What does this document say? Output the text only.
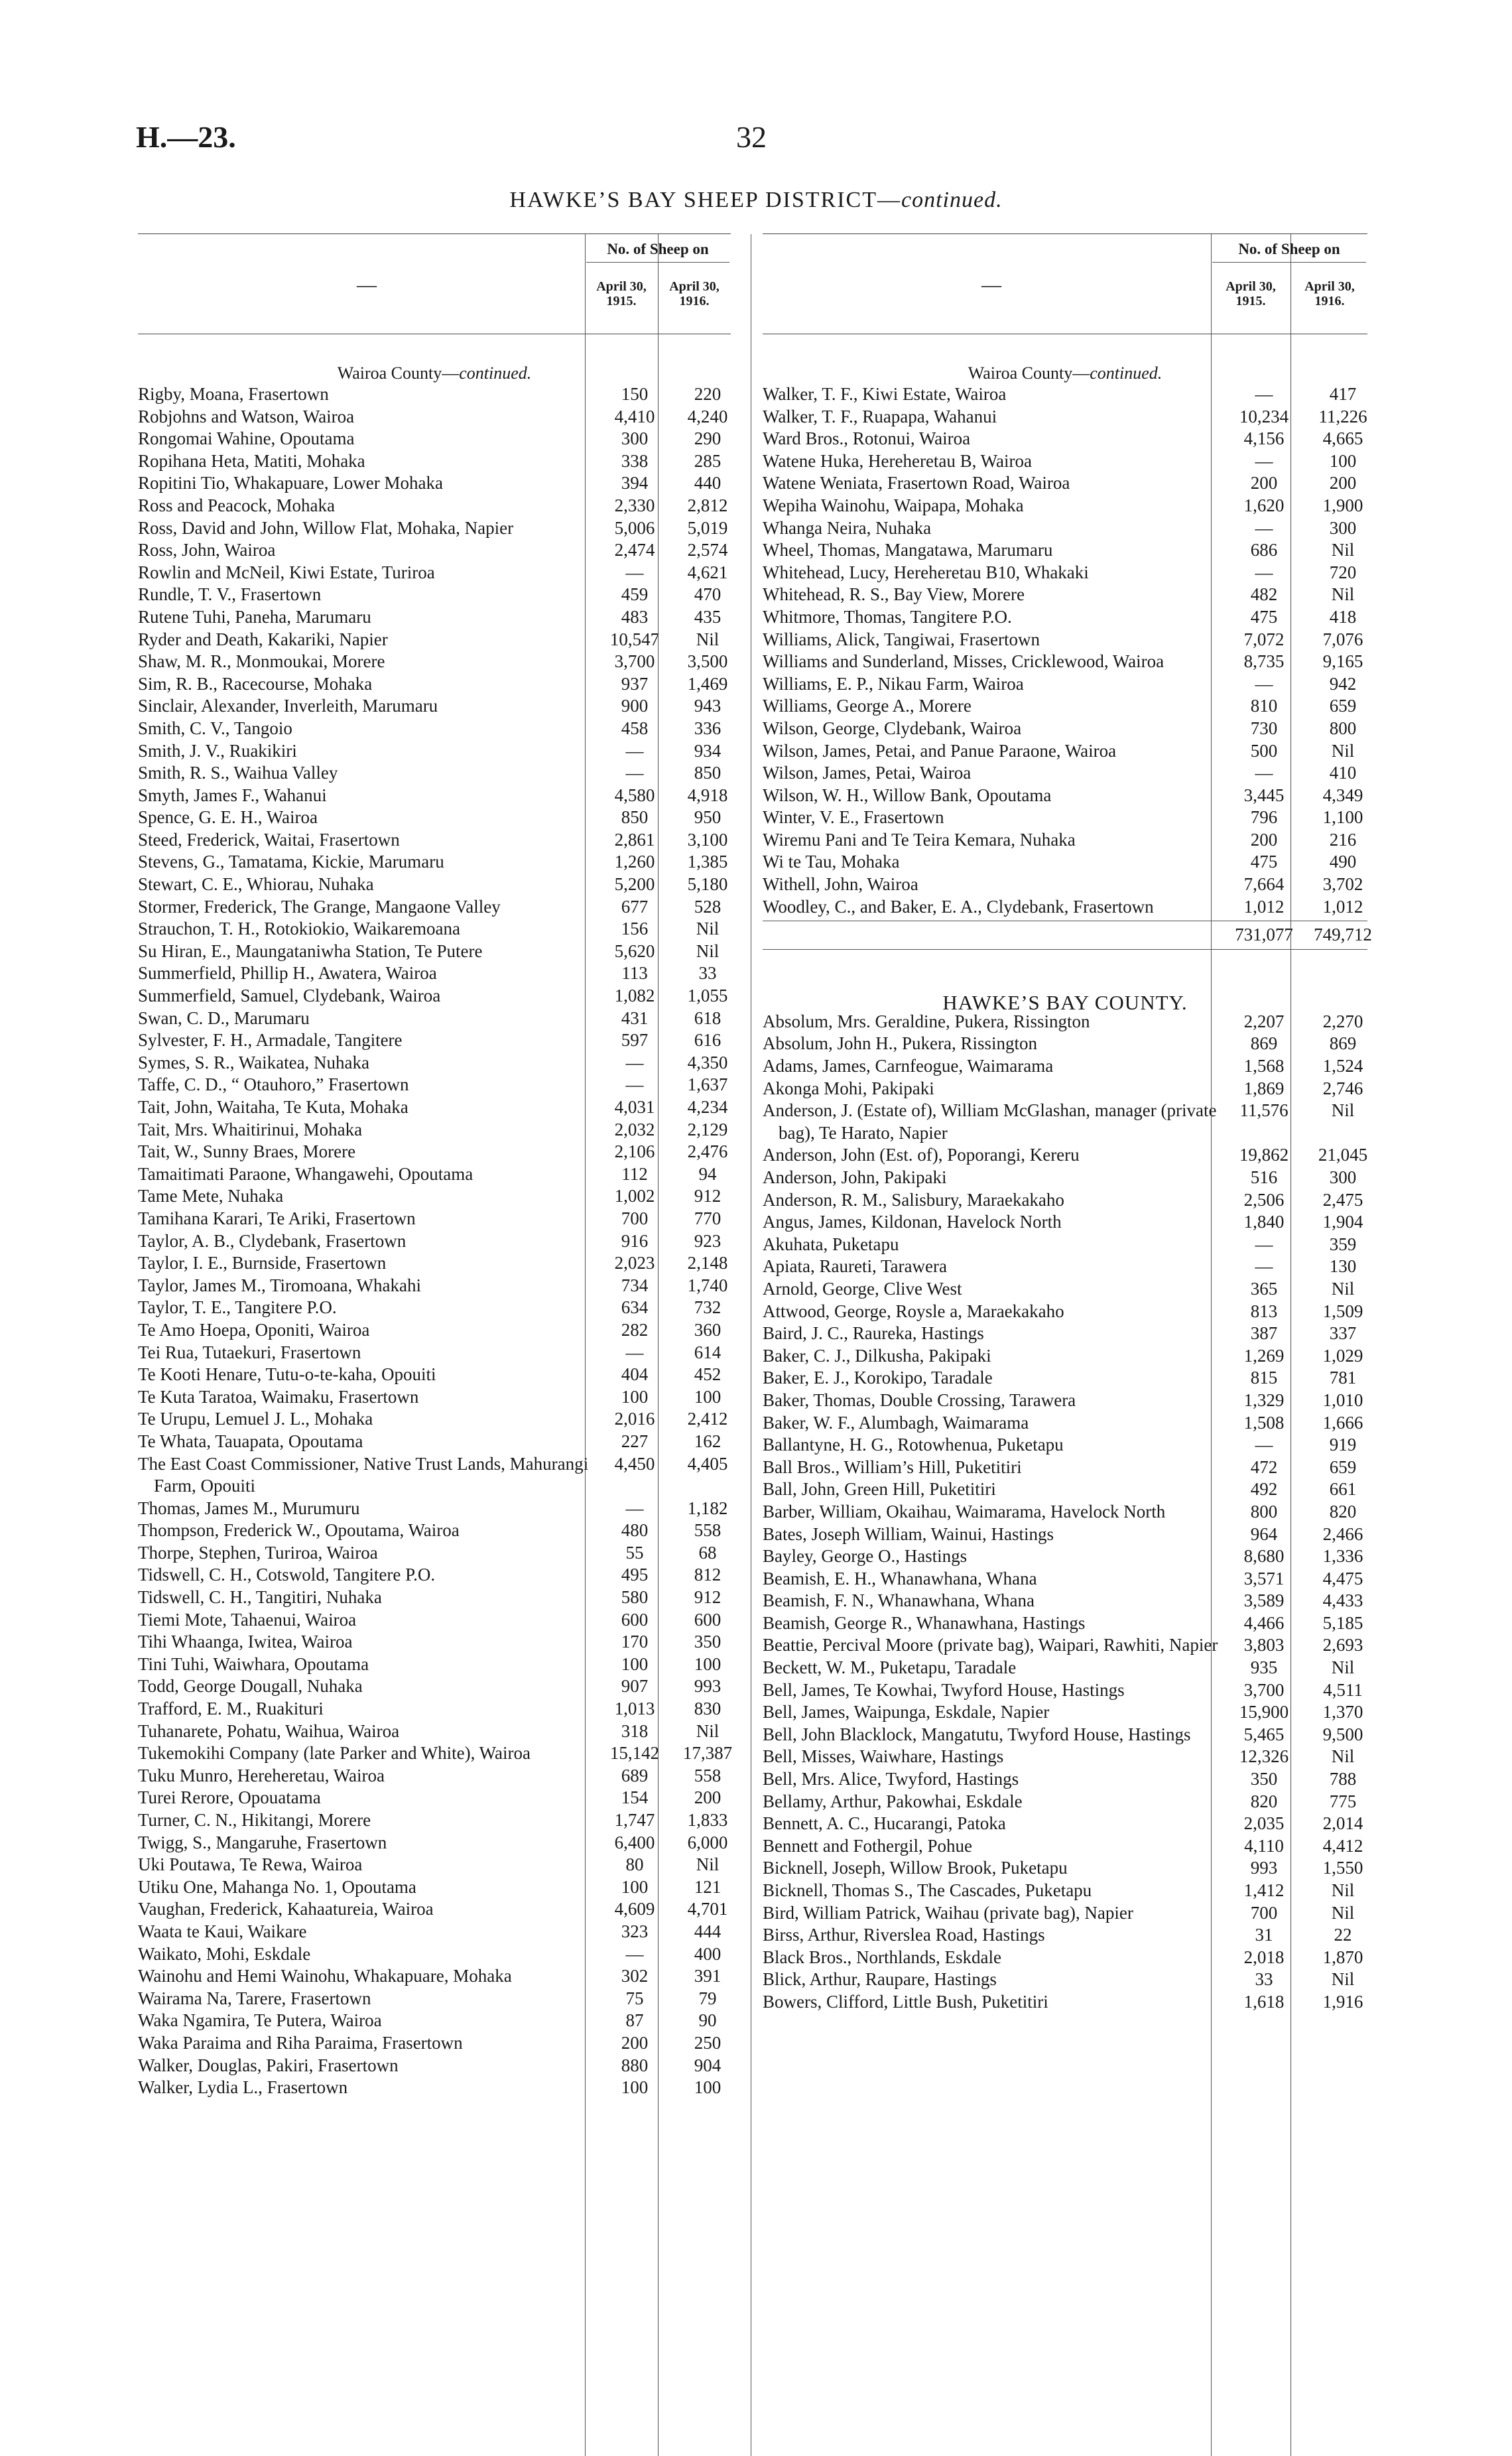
H.—23.	32
HAWKE’S BAY SHEEP DISTRICT—continued.
—
No. of Sheep on
April 30,
1915.
April 30,
1916.
Wairoa County—continued.
Rigby, Moana, Frasertown	150	220
Robjohns and Watson, Wairoa	4,410	4,240
Rongomai Wahine, Opoutama	300	290
Ropihana Heta, Matiti, Mohaka	338	285
Ropitini Tio, Whakapuare, Lower Mohaka	394	440
Ross and Peacock, Mohaka	2,330	2,812
Ross, David and John, Willow Flat, Mohaka, Napier	5,006	5,019
Ross, John, Wairoa	2,474	2,574
Rowlin and McNeil, Kiwi Estate, Turiroa	—	4,621
Rundle, T. V., Frasertown	459	470
Rutene Tuhi, Paneha, Marumaru	483	435
Ryder and Death, Kakariki, Napier	10,547	Nil
Shaw, M. R., Monmoukai, Morere	3,700	3,500
Sim, R. B., Racecourse, Mohaka	937	1,469
Sinclair, Alexander, Inverleith, Marumaru	900	943
Smith, C. V., Tangoio	458	336
Smith, J. V., Ruakikiri	—	934
Smith, R. S., Waihua Valley	—	850
Smyth, James F., Wahanui	4,580	4,918
Spence, G. E. H., Wairoa	850	950
Steed, Frederick, Waitai, Frasertown	2,861	3,100
Stevens, G., Tamatama, Kickie, Marumaru	1,260	1,385
Stewart, C. E., Whiorau, Nuhaka	5,200	5,180
Stormer, Frederick, The Grange, Mangaone Valley	677	528
Strauchon, T. H., Rotokiokio, Waikaremoana	156	Nil
Su Hiran, E., Maungataniwha Station, Te Putere	5,620	Nil
Summerfield, Phillip H., Awatera, Wairoa	113	33
Summerfield, Samuel, Clydebank, Wairoa	1,082	1,055
Swan, C. D., Marumaru	431	618
Sylvester, F. H., Armadale, Tangitere	597	616
Symes, S. R., Waikatea, Nuhaka	—	4,350
Taffe, C. D., “ Otauhoro,” Frasertown	—	1,637
Tait, John, Waitaha, Te Kuta, Mohaka	4,031	4,234
Tait, Mrs. Whaitirinui, Mohaka	2,032	2,129
Tait, W., Sunny Braes, Morere	2,106	2,476
Tamaitimati Paraone, Whangawehi, Opoutama	112	94
Tame Mete, Nuhaka	1,002	912
Tamihana Karari, Te Ariki, Frasertown	700	770
Taylor, A. B., Clydebank, Frasertown	916	923
Taylor, I. E., Burnside, Frasertown	2,023	2,148
Taylor, James M., Tiromoana, Whakahi	734	1,740
Taylor, T. E., Tangitere P.O.	634	732
Te Amo Hoepa, Oponiti, Wairoa	282	360
Tei Rua, Tutaekuri, Frasertown	—	614
Te Kooti Henare, Tutu-o-te-kaha, Opouiti	404	452
Te Kuta Taratoa, Waimaku, Frasertown	100	100
Te Urupu, Lemuel J. L., Mohaka	2,016	2,412
Te Whata, Tauapata, Opoutama	227	162
The East Coast Commissioner, Native Trust Lands, Mahurangi Farm, Opouiti
4,450	4,405
Thomas, James M., Murumuru	—	1,182
Thompson, Frederick W., Opoutama, Wairoa	480	558
Thorpe, Stephen, Turiroa, Wairoa	55	68
Tidswell, C. H., Cotswold, Tangitere P.O.	495	812
Tidswell, C. H., Tangitiri, Nuhaka	580	912
Tiemi Mote, Tahaenui, Wairoa	600	600
Tihi Whaanga, Iwitea, Wairoa	170	350
Tini Tuhi, Waiwhara, Opoutama	100	100
Todd, George Dougall, Nuhaka	907	993
Trafford, E. M., Ruakituri	1,013	830
Tuhanarete, Pohatu, Waihua, Wairoa	318	Nil
Tukemokihi Company (late Parker and White), Wairoa	15,142	17,387
Tuku Munro, Hereheretau, Wairoa	689	558
Turei Rerore, Opouatama	154	200
Turner, C. N., Hikitangi, Morere	1,747	1,833
Twigg, S., Mangaruhe, Frasertown	6,400	6,000
Uki Poutawa, Te Rewa, Wairoa	80	Nil
Utiku One, Mahanga No. 1, Opoutama	100	121
Vaughan, Frederick, Kahaatureia, Wairoa	4,609	4,701
Waata te Kaui, Waikare	323	444
Waikato, Mohi, Eskdale	—	400
Wainohu and Hemi Wainohu, Whakapuare, Mohaka	302	391
Wairama Na, Tarere, Frasertown	75	79
Waka Ngamira, Te Putera, Wairoa	87	90
Waka Paraima and Riha Paraima, Frasertown	200	250
Walker, Douglas, Pakiri, Frasertown	880	904
Walker, Lydia L., Frasertown	100	100
—
No. of Sheep on
April 30,
1915.
April 30,
1916.
Wairoa County—continued.
Walker, T. F., Kiwi Estate, Wairoa	—	417
Walker, T. F., Ruapapa, Wahanui	10,234	11,226
Ward Bros., Rotonui, Wairoa	4,156	4,665
Watene Huka, Hereheretau B, Wairoa	—	100
Watene Weniata, Frasertown Road, Wairoa	200	200
Wepiha Wainohu, Waipapa, Mohaka	1,620	1,900
Whanga Neira, Nuhaka	—	300
Wheel, Thomas, Mangatawa, Marumaru	686	Nil
Whitehead, Lucy, Hereheretau B10, Whakaki	—	720
Whitehead, R. S., Bay View, Morere	482	Nil
Whitmore, Thomas, Tangitere P.O.	475	418
Williams, Alick, Tangiwai, Frasertown	7,072	7,076
Williams and Sunderland, Misses, Cricklewood, Wairoa	8,735	9,165
Williams, E. P., Nikau Farm, Wairoa	—	942
Williams, George A., Morere	810	659
Wilson, George, Clydebank, Wairoa	730	800
Wilson, James, Petai, and Panue Paraone, Wairoa	500	Nil
Wilson, James, Petai, Wairoa	—	410
Wilson, W. H., Willow Bank, Opoutama	3,445	4,349
Winter, V. E., Frasertown	796	1,100
Wiremu Pani and Te Teira Kemara, Nuhaka	200	216
Wi te Tau, Mohaka	475	490
Withell, John, Wairoa	7,664	3,702
Woodley, C., and Baker, E. A., Clydebank, Frasertown	1,012	1,012
731,077	749,712
HAWKE’S BAY COUNTY.
Absolum, Mrs. Geraldine, Pukera, Rissington	2,207	2,270
Absolum, John H., Pukera, Rissington	869	869
Adams, James, Carnfeogue, Waimarama	1,568	1,524
Akonga Mohi, Pakipaki	1,869	2,746
Anderson, J. (Estate of), William McGlashan, manager (private bag), Te Harato, Napier
11,576	Nil
Anderson, John (Est. of), Poporangi, Kereru	19,862	21,045
Anderson, John, Pakipaki	516	300
Anderson, R. M., Salisbury, Maraekakaho	2,506	2,475
Angus, James, Kildonan, Havelock North	1,840	1,904
Akuhata, Puketapu	—	359
Apiata, Raureti, Tarawera	—	130
Arnold, George, Clive West	365	Nil
Attwood, George, Roysle a, Maraekakaho	813	1,509
Baird, J. C., Raureka, Hastings	387	337
Baker, C. J., Dilkusha, Pakipaki	1,269	1,029
Baker, E. J., Korokipo, Taradale	815	781
Baker, Thomas, Double Crossing, Tarawera	1,329	1,010
Baker, W. F., Alumbagh, Waimarama	1,508	1,666
Ballantyne, H. G., Rotowhenua, Puketapu	—	919
Ball Bros., William’s Hill, Puketitiri	472	659
Ball, John, Green Hill, Puketitiri	492	661
Barber, William, Okaihau, Waimarama, Havelock North	800	820
Bates, Joseph William, Wainui, Hastings	964	2,466
Bayley, George O., Hastings	8,680	1,336
Beamish, E. H., Whanawhana, Whana	3,571	4,475
Beamish, F. N., Whanawhana, Whana	3,589	4,433
Beamish, George R., Whanawhana, Hastings	4,466	5,185
Beattie, Percival Moore (private bag), Waipari, Rawhiti, Napier	3,803	2,693
Beckett, W. M., Puketapu, Taradale	935	Nil
Bell, James, Te Kowhai, Twyford House, Hastings	3,700	4,511
Bell, James, Waipunga, Eskdale, Napier	15,900	1,370
Bell, John Blacklock, Mangatutu, Twyford House, Hastings	5,465	9,500
Bell, Misses, Waiwhare, Hastings	12,326	Nil
Bell, Mrs. Alice, Twyford, Hastings	350	788
Bellamy, Arthur, Pakowhai, Eskdale	820	775
Bennett, A. C., Hucarangi, Patoka	2,035	2,014
Bennett and Fothergil, Pohue	4,110	4,412
Bicknell, Joseph, Willow Brook, Puketapu	993	1,550
Bicknell, Thomas S., The Cascades, Puketapu	1,412	Nil
Bird, William Patrick, Waihau (private bag), Napier	700	Nil
Birss, Arthur, Riverslea Road, Hastings	31	22
Black Bros., Northlands, Eskdale	2,018	1,870
Blick, Arthur, Raupare, Hastings	33	Nil
Bowers, Clifford, Little Bush, Puketitiri	1,618	1,916
